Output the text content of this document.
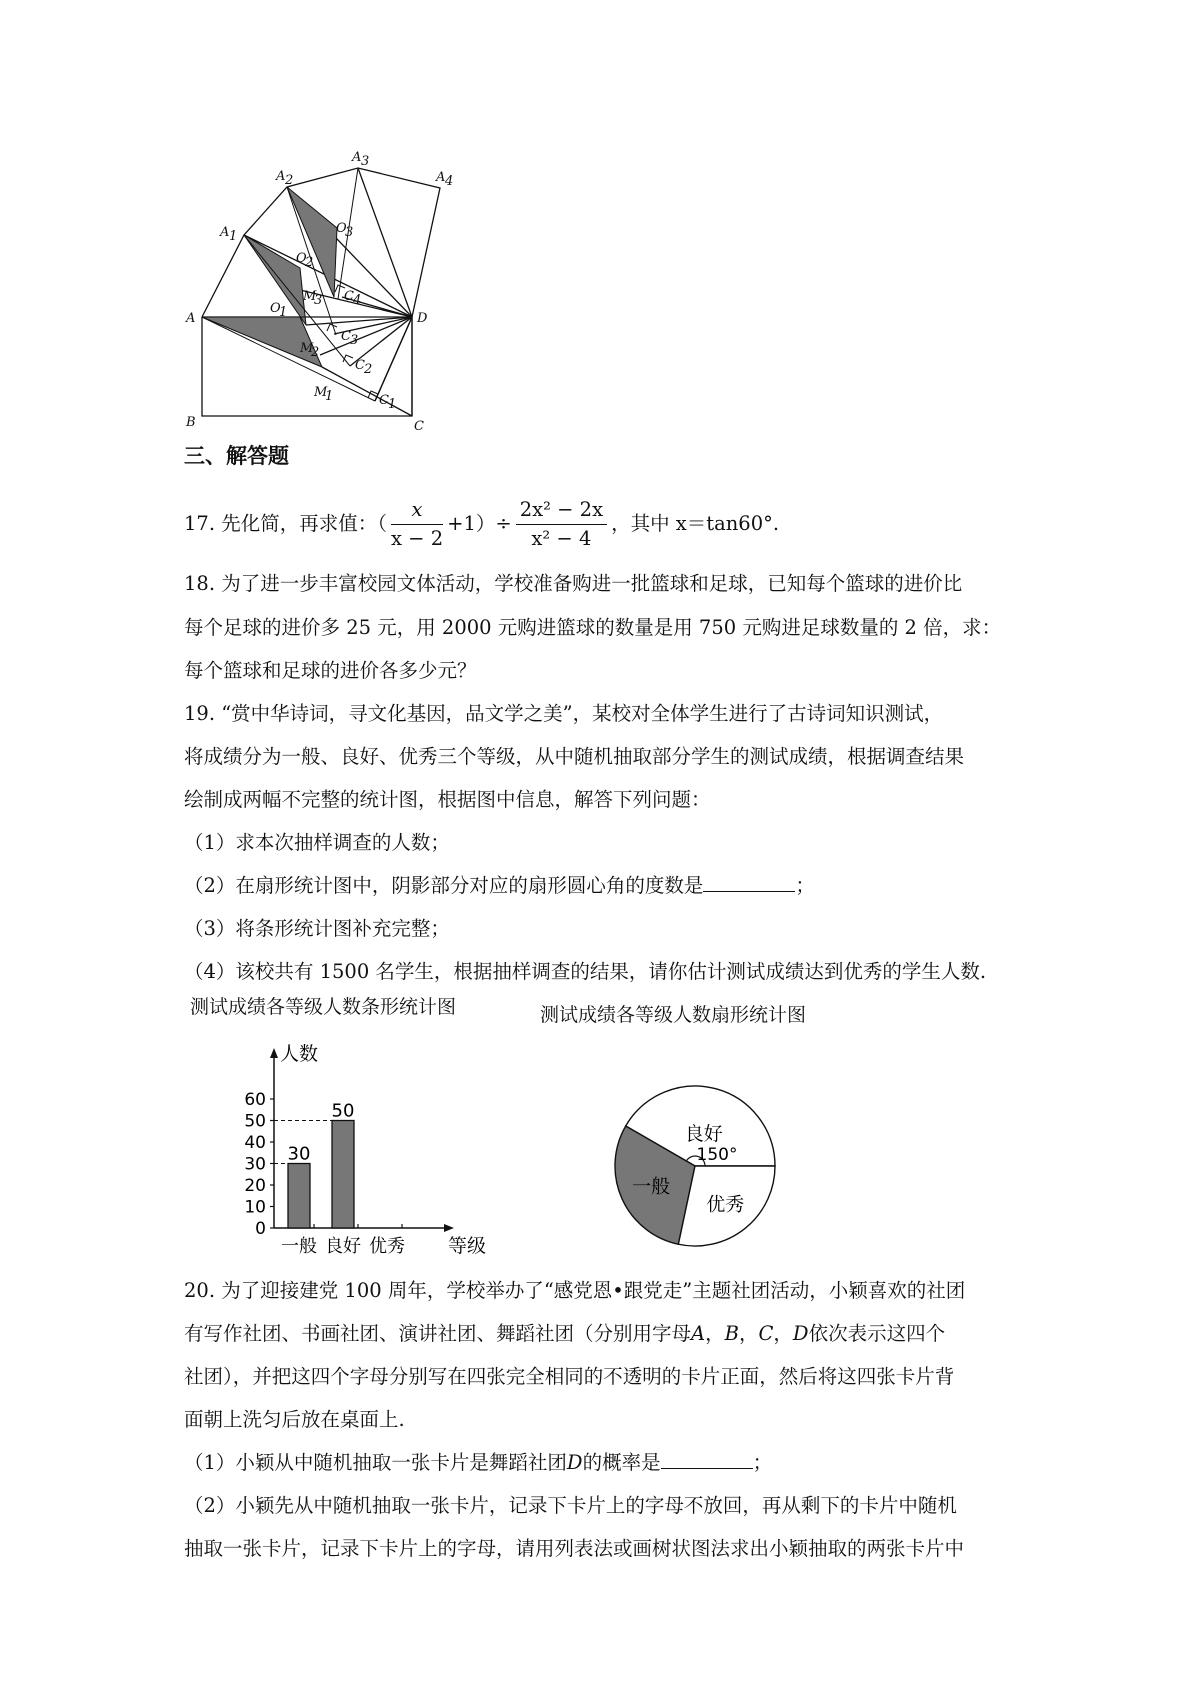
A
B	C
D
A 1
A 2
A 3
A 4
O
1
O
2
O
3
M
1
M
2
M
3
C 1
C 2
C 3
C 4
三、解答题
17. 先化简，再求值：（ $\frac{x}{x - 2} +1)\div \frac{\text{2x² − 2x}}{\text{x² − 4}}$ ，其中 x＝tan60°.
18. 为了进一步丰富校园文体活动，学校准备购进一批篮球和足球，已知每个篮球的进价比
每个足球的进价多 25 元，用 2000 元购进篮球的数量是用 750 元购进足球数量的 2 倍，求：
每个篮球和足球的进价各多少元？
19. “赏中华诗词，寻文化基因，品文学之美”，某校对全体学生进行了古诗词知识测试，
将成绩分为一般、良好、优秀三个等级，从中随机抽取部分学生的测试成绩，根据调查结果
绘制成两幅不完整的统计图，根据图中信息，解答下列问题：
（1）求本次抽样调查的人数；
（2）在扇形统计图中，阴影部分对应的扇形圆心角的度数是	；
（3）将条形统计图补充完整；
（4）该校共有 1500 名学生，根据抽样调查的结果，请你估计测试成绩达到优秀的学生人数.
测试成绩各等级人数条形统计图	测试成绩各等级人数扇形统计图
0
10
20
30
40
50
60
30
一般
50
良好 优秀
人数
等级
良好
150°
一般
优秀
20. 为了迎接建党 100 周年，学校举办了“感党恩•跟党走”主题社团活动，小颖喜欢的社团
有写作社团、书画社团、演讲社团、舞蹈社团（分别用字母A，B，C，D依次表示这四个
社团），并把这四个字母分别写在四张完全相同的不透明的卡片正面，然后将这四张卡片背
面朝上洗匀后放在桌面上.
（1）小颖从中随机抽取一张卡片是舞蹈社团D的概率是	；
（2）小颖先从中随机抽取一张卡片，记录下卡片上的字母不放回，再从剩下的卡片中随机
抽取一张卡片，记录下卡片上的字母，请用列表法或画树状图法求出小颖抽取的两张卡片中
